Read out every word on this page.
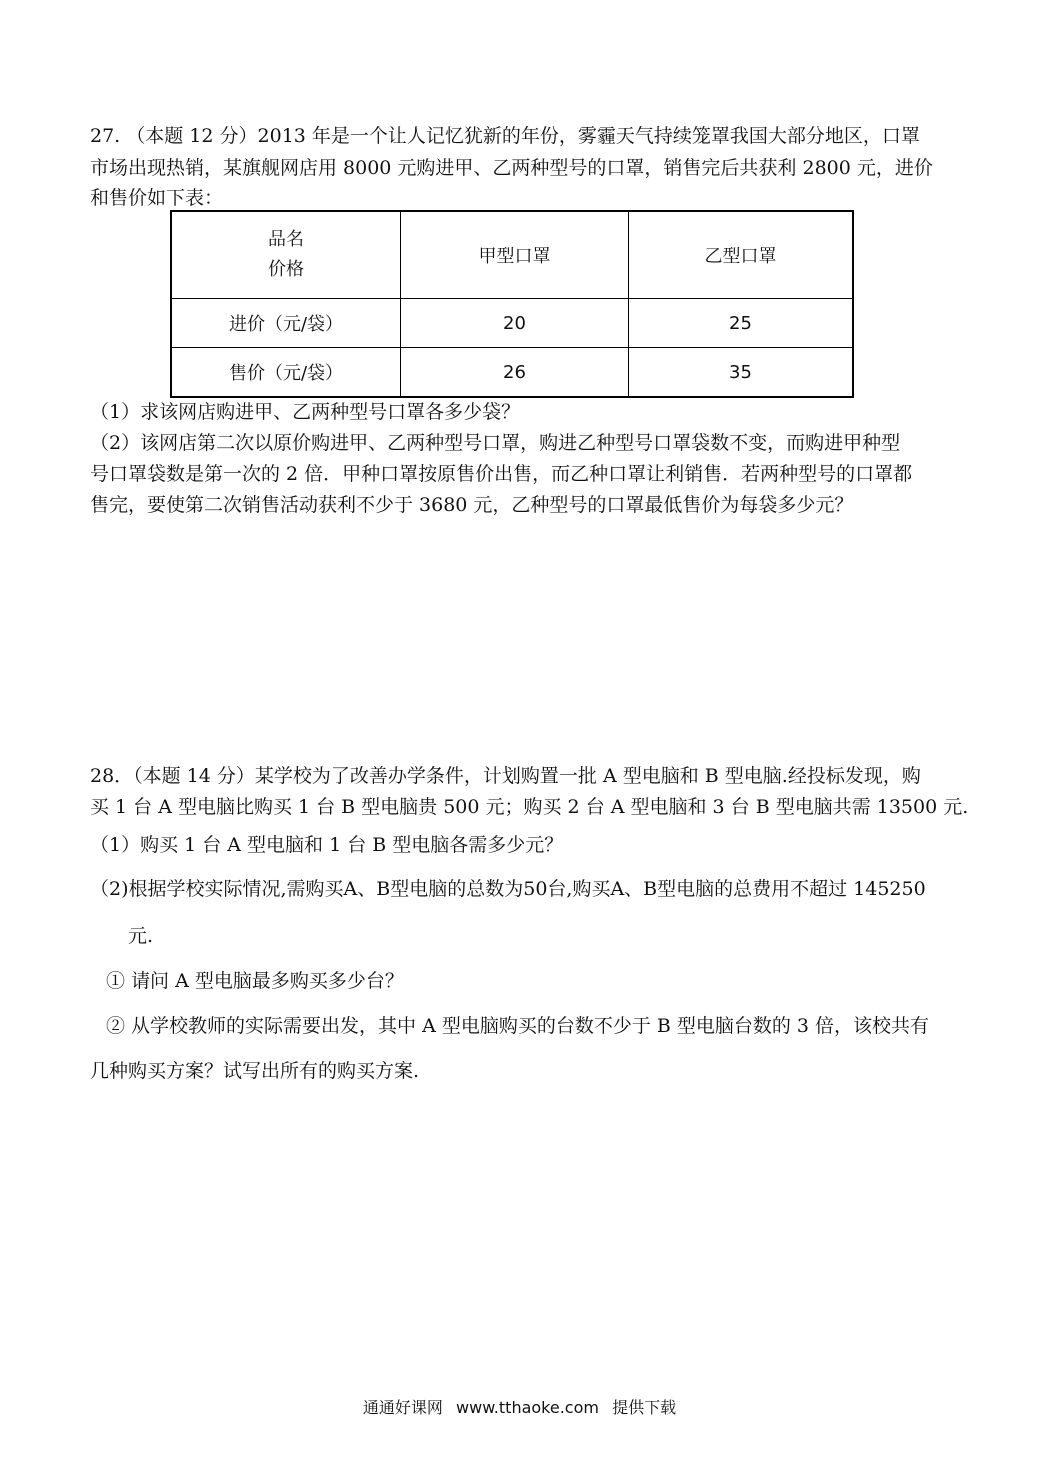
27. （本题 12 分）2013 年是一个让人记忆犹新的年份，雾霾天气持续笼罩我国大部分地区，口罩
市场出现热销，某旗舰网店用 8000 元购进甲、乙两种型号的口罩，销售完后共获利 2800 元，进价
和售价如下表：
品名
价格	甲型口罩	乙型口罩
进价（元/袋）	20	25
售价（元/袋）	26	35
（1）求该网店购进甲、乙两种型号口罩各多少袋？
（2）该网店第二次以原价购进甲、乙两种型号口罩，购进乙种型号口罩袋数不变，而购进甲种型
号口罩袋数是第一次的 2 倍．甲种口罩按原售价出售，而乙种口罩让利销售．若两种型号的口罩都
售完，要使第二次销售活动获利不少于 3680 元，乙种型号的口罩最低售价为每袋多少元？
28．（本题 14 分）某学校为了改善办学条件，计划购置一批 A 型电脑和 B 型电脑.经投标发现，购
买 1 台 A 型电脑比购买 1 台 B 型电脑贵 500 元；购买 2 台 A 型电脑和 3 台 B 型电脑共需 13500 元.
（1）购买 1 台 A 型电脑和 1 台 B 型电脑各需多少元？
（2)根据学校实际情况,需购买A、B型电脑的总数为50台,购买A、B型电脑的总费用不超过 145250
元.
① 请问 A 型电脑最多购买多少台？
② 从学校教师的实际需要出发，其中 A 型电脑购买的台数不少于 B 型电脑台数的 3 倍，该校共有
几种购买方案？试写出所有的购买方案.
通通好课网 www.tthaoke.com 提供下载
